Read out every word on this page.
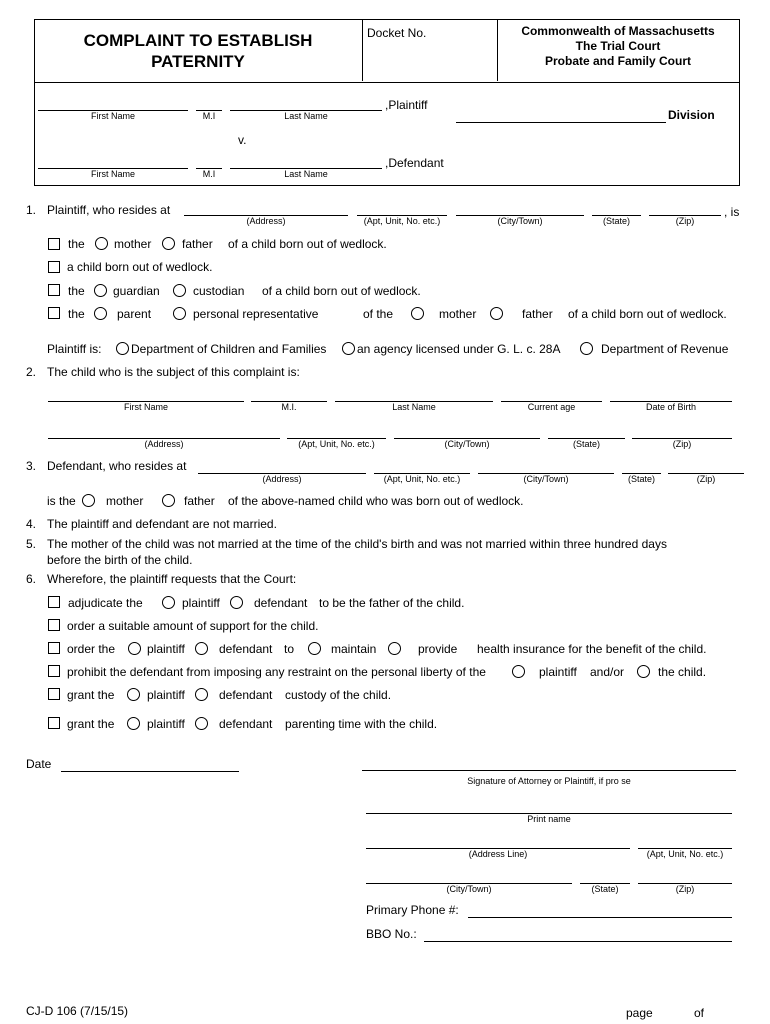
COMPLAINT TO ESTABLISH
PATERNITY
Docket No.	Commonwealth of Massachusetts
The Trial Court
Probate and Family Court
,Plaintiff
First Name	M.I	Last Name	Division
v.
,Defendant
First Name	M.I	Last Name
1. Plaintiff, who resides at	, is
(Address)	(Apt, Unit, No. etc.)	(City/Town)	(State)	(Zip)
the mother	father of a child born out of wedlock.
a child born out of wedlock.
the guardian	custodian of a child born out of wedlock.
the	parent	personal representative	of the	mother	father of a child born out of wedlock.
Plaintiff is: Department of Children and Families	an agency licensed under G. L. c. 28A	Department of Revenue
2. The child who is the subject of this complaint is:
First Name	M.I.	Last Name	Current age	Date of Birth
(Address)	(Apt, Unit, No. etc.)	(City/Town)	(State)	(Zip)
3. Defendant, who resides at
(Address)	(Apt, Unit, No. etc.)	(City/Town)	(State)	(Zip)
is the	mother	father of the above-named child who was born out of wedlock.
4. The plaintiff and defendant are not married.
5. The mother of the child was not married at the time of the child's birth and was not married within three hundred days
before the birth of the child.
6. Wherefore, the plaintiff requests that the Court:
adjudicate the	plaintiff	defendant to be the father of the child.
order a suitable amount of support for the child.
order the	plaintiff	defendant to	maintain	provide health insurance for the benefit of the child.
prohibit the defendant from imposing any restraint on the personal liberty of the	plaintiff and/or	the child.
grant the	plaintiff	defendant custody of the child.
grant the	plaintiff	defendant parenting time with the child.
Date
Signature of Attorney or Plaintiff, if pro se
Print name
(Address Line)	(Apt, Unit, No. etc.)
(City/Town)	(State)	(Zip)
Primary Phone #:
BBO No.:
CJ-D 106 (7/15/15)	page	of
